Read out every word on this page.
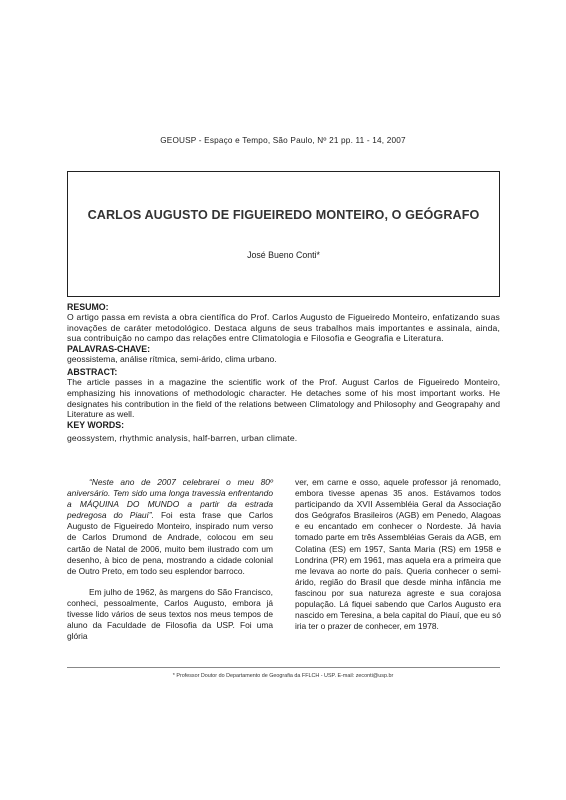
GEOUSP - Espaço e Tempo, São Paulo, Nº 21 pp. 11 - 14, 2007
CARLOS AUGUSTO DE FIGUEIREDO MONTEIRO, O GEÓGRAFO
José Bueno Conti*
RESUMO:

O artigo passa em revista a obra científica do Prof. Carlos Augusto de Figueiredo Monteiro, enfatizando suas inovações de caráter metodológico. Destaca alguns de seus trabalhos mais importantes e assinala, ainda, sua contribuição no campo das relações entre Climatologia e Filosofia e Geografia e Literatura.

PALAVRAS-CHAVE:

geossistema, análise rítmica, semi-árido, clima urbano.

ABSTRACT:

The article passes in a magazine the scientific work of the Prof. August Carlos de Figueiredo Monteiro, emphasizing his innovations of methodologic character. He detaches some of his most important works. He designates his contribution in the field of the relations between Climatology and Philosophy and Geograpahy and Literature as well.

KEY WORDS:

geossystem, rhythmic analysis, half-barren, urban climate.

“Neste ano de 2007 celebrarei o meu 80º aniversário. Tem sido uma longa travessia enfrentando a MÁQUINA DO MUNDO a partir da estrada pedregosa do Piauí”. Foi esta frase que Carlos Augusto de Figueiredo Monteiro, inspirado num verso de Carlos Drumond de Andrade, colocou em seu cartão de Natal de 2006, muito bem ilustrado com um desenho, à bico de pena, mostrando a cidade colonial de Outro Preto, em todo seu esplendor barroco.

Em julho de 1962, às margens do São Francisco, conheci, pessoalmente, Carlos Augusto, embora já tivesse lido vários de seus textos nos meus tempos de aluno da Faculdade de Filosofia da USP. Foi uma glória

ver, em carne e osso, aquele professor já renomado, embora tivesse apenas 35 anos. Estávamos todos participando da XVII Assembléia Geral da Associação dos Geógrafos Brasileiros (AGB) em Penedo, Alagoas e eu encantado em conhecer o Nordeste. Já havia tomado parte em três Assembléias Gerais da AGB, em Colatina (ES) em 1957, Santa Maria (RS) em 1958 e Londrina (PR) em 1961, mas aquela era a primeira que me levava ao norte do país. Queria conhecer o semi-árido, região do Brasil que desde minha infância me fascinou por sua natureza agreste e sua corajosa população. Lá fiquei sabendo que Carlos Augusto era nascido em Teresina, a bela capital do Piauí, que eu só iria ter o prazer de conhecer, em 1978.

* Professor Doutor do Departamento de Geografia da FFLCH - USP. E-mail: zeconti@usp.br
